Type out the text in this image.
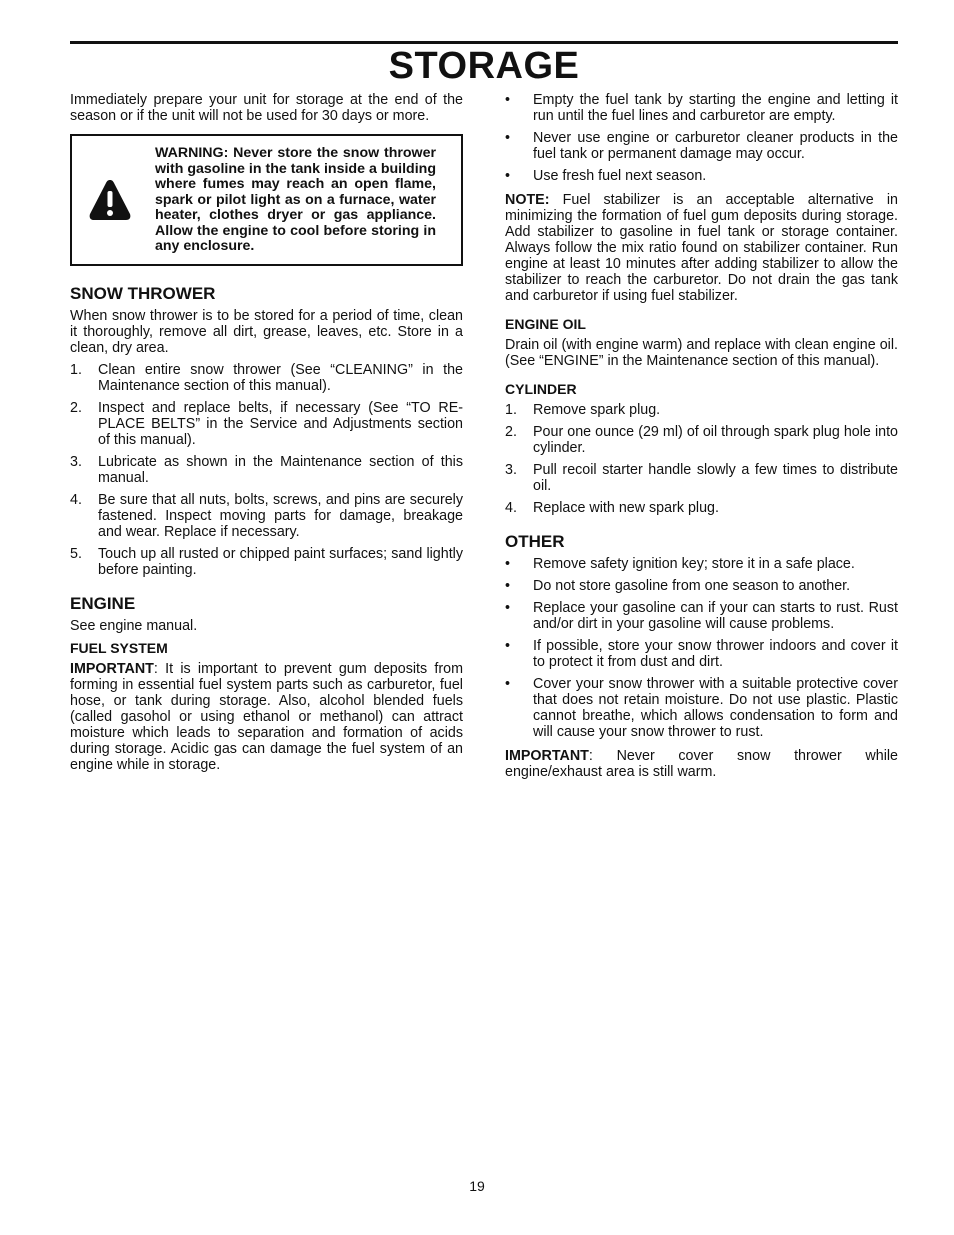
STORAGE

Immediately prepare your unit for storage at the end of the season or if the unit will not be used for 30 days or more.

WARNING: Never store the snow thrower with gasoline in the tank inside a building where fumes may reach an open flame, spark or pilot light as on a furnace, water heater, clothes dryer or gas appliance. Allow the engine to cool before storing in any enclosure.
SNOW THROWER

When snow thrower is to be stored for a period of time, clean it thoroughly, remove all dirt, grease, leaves, etc. Store in a clean, dry area.

1. Clean entire snow thrower (See “CLEANING” in the Maintenance section of this manual).
2. Inspect and replace belts, if necessary (See “TO RE-PLACE BELTS” in the Service and Adjustments section of this manual).
3. Lubricate as shown in the Maintenance section of this manual.
4. Be sure that all nuts, bolts, screws, and pins are securely fastened. Inspect moving parts for damage, breakage and wear. Replace if necessary.
5. Touch up all rusted or chipped paint surfaces; sand lightly before painting.
ENGINE

See engine manual.

FUEL SYSTEM

IMPORTANT: It is important to prevent gum deposits from forming in essential fuel system parts such as carburetor, fuel hose, or tank during storage. Also, alcohol blended fuels (called gasohol or using ethanol or methanol) can attract moisture which leads to separation and formation of acids during storage. Acidic gas can damage the fuel system of an engine while in storage.

• Empty the fuel tank by starting the engine and letting it run until the fuel lines and carburetor are empty.
• Never use engine or carburetor cleaner products in the fuel tank or permanent damage may occur.
• Use fresh fuel next season.

NOTE: Fuel stabilizer is an acceptable alternative in minimizing the formation of fuel gum deposits during storage. Add stabilizer to gasoline in fuel tank or storage container. Always follow the mix ratio found on stabilizer container. Run engine at least 10 minutes after adding stabilizer to allow the stabilizer to reach the carburetor. Do not drain the gas tank and carburetor if using fuel stabilizer.

ENGINE OIL

Drain oil (with engine warm) and replace with clean engine oil. (See “ENGINE” in the Maintenance section of this manual).

CYLINDER
1. Remove spark plug.
2. Pour one ounce (29 ml) of oil through spark plug hole into cylinder.
3. Pull recoil starter handle slowly a few times to distribute oil.
4. Replace with new spark plug.
OTHER
• Remove safety ignition key; store it in a safe place.
• Do not store gasoline from one season to another.
• Replace your gasoline can if your can starts to rust. Rust and/or dirt in your gasoline will cause problems.
• If possible, store your snow thrower indoors and cover it to protect it from dust and dirt.
• Cover your snow thrower with a suitable protective cover that does not retain moisture. Do not use plastic. Plastic cannot breathe, which allows condensation to form and will cause your snow thrower to rust.

IMPORTANT: Never cover snow thrower while engine/exhaust area is still warm.

19
